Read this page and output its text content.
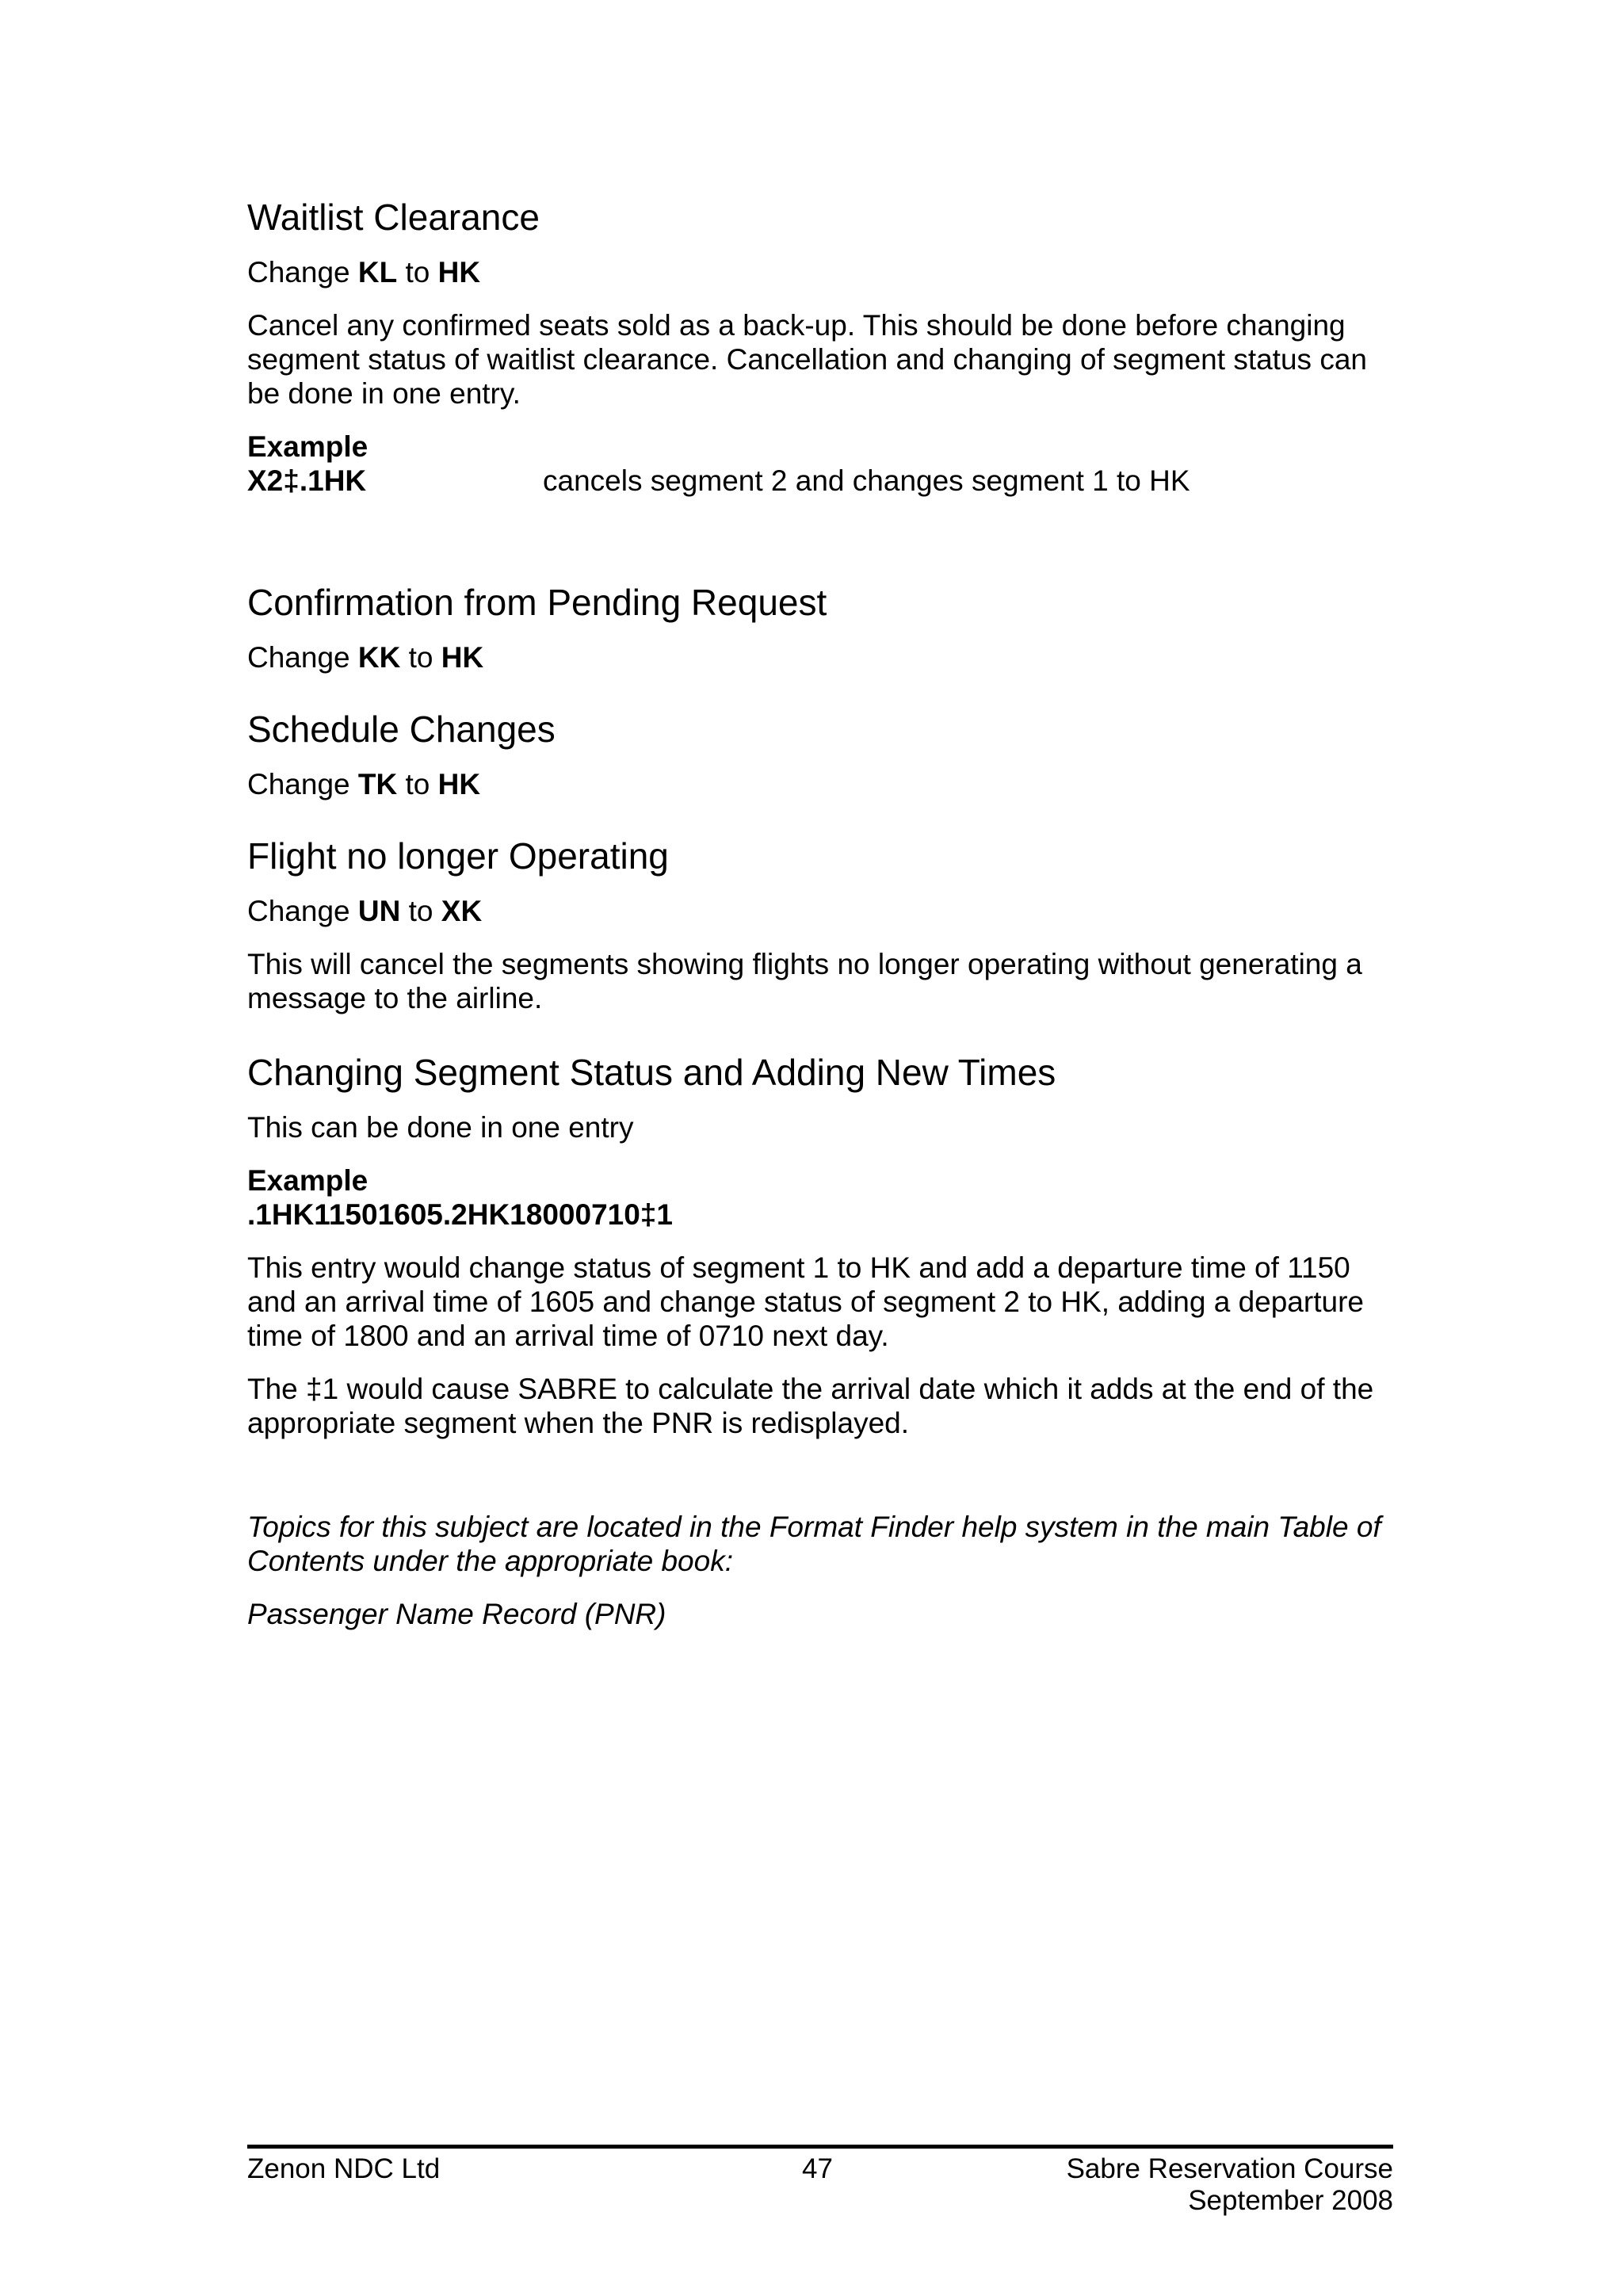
Waitlist Clearance

Change KL to HK

Cancel any confirmed seats sold as a back-up. This should be done before changing segment status of waitlist clearance. Cancellation and changing of segment status can be done in one entry.

Example

X2‡.1HK	cancels segment 2 and changes segment 1 to HK
Confirmation from Pending Request

Change KK to HK

Schedule Changes

Change TK to HK

Flight no longer Operating

Change UN to XK

This will cancel the segments showing flights no longer operating without generating a message to the airline.

Changing Segment Status and Adding New Times

This can be done in one entry

Example

.1HK11501605.2HK18000710‡1

This entry would change status of segment 1 to HK and add a departure time of 1150 and an arrival time of 1605 and change status of segment 2 to HK, adding a departure time of 1800 and an arrival time of 0710 next day.

The ‡1 would cause SABRE to calculate the arrival date which it adds at the end of the appropriate segment when the PNR is redisplayed.

Topics for this subject are located in the Format Finder help system in the main Table of Contents under the appropriate book:

Passenger Name Record (PNR)

Zenon NDC Ltd	47	Sabre Reservation Course
September 2008
